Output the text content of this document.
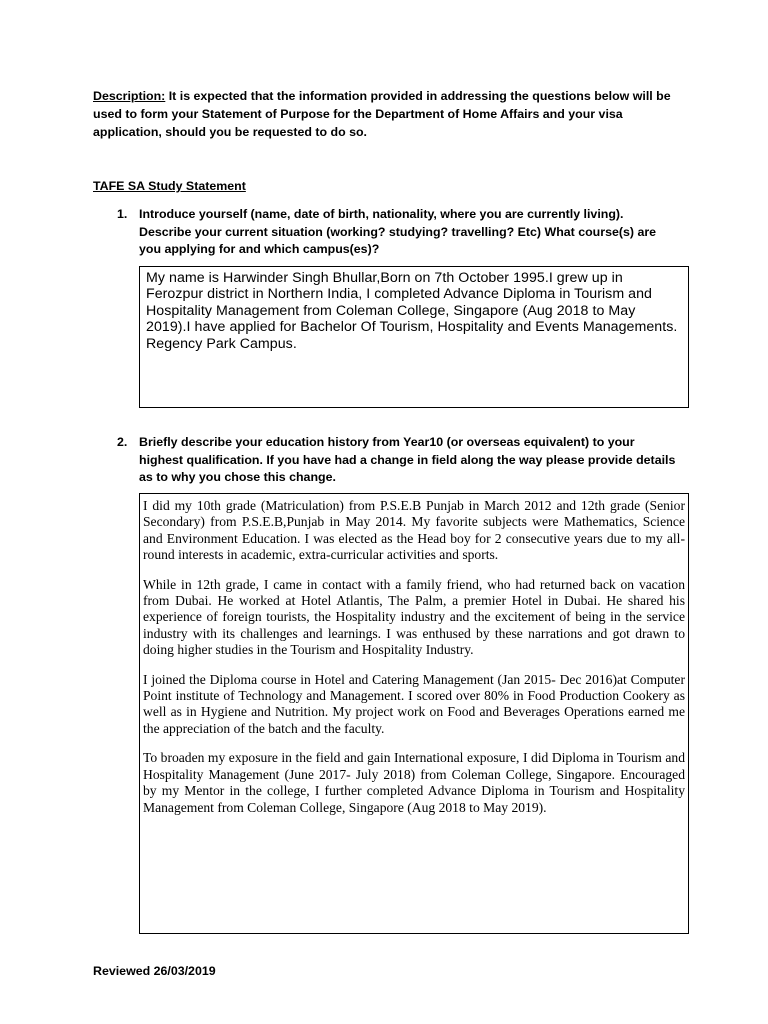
Description: It is expected that the information provided in addressing the questions below will be used to form your Statement of Purpose for the Department of Home Affairs and your visa application, should you be requested to do so.
TAFE SA Study Statement
1. Introduce yourself (name, date of birth, nationality, where you are currently living). Describe your current situation (working? studying? travelling? Etc) What course(s) are you applying for and which campus(es)?
My name is Harwinder Singh Bhullar,Born on 7th October 1995.I grew up in Ferozpur district in Northern India, I completed Advance Diploma in Tourism and Hospitality Management from Coleman College, Singapore (Aug 2018 to May 2019).I have applied for Bachelor Of Tourism, Hospitality and Events Managements. Regency Park Campus.
2. Briefly describe your education history from Year10 (or overseas equivalent) to your highest qualification. If you have had a change in field along the way please provide details as to why you chose this change.

I did my 10th grade (Matriculation) from P.S.E.B Punjab in March 2012 and 12th grade (Senior Secondary) from P.S.E.B,Punjab in May 2014. My favorite subjects were Mathematics, Science and Environment Education. I was elected as the Head boy for 2 consecutive years due to my all-round interests in academic, extra-curricular activities and sports.

While in 12th grade, I came in contact with a family friend, who had returned back on vacation from Dubai. He worked at Hotel Atlantis, The Palm, a premier Hotel in Dubai. He shared his experience of foreign tourists, the Hospitality industry and the excitement of being in the service industry with its challenges and learnings. I was enthused by these narrations and got drawn to doing higher studies in the Tourism and Hospitality Industry.

I joined the Diploma course in Hotel and Catering Management (Jan 2015- Dec 2016)at Computer Point institute of Technology and Management. I scored over 80% in Food Production Cookery as well as in Hygiene and Nutrition. My project work on Food and Beverages Operations earned me the appreciation of the batch and the faculty.

To broaden my exposure in the field and gain International exposure, I did Diploma in Tourism and Hospitality Management (June 2017- July 2018) from Coleman College, Singapore. Encouraged by my Mentor in the college, I further completed Advance Diploma in Tourism and Hospitality Management from Coleman College, Singapore (Aug 2018 to May 2019).

Reviewed 26/03/2019
